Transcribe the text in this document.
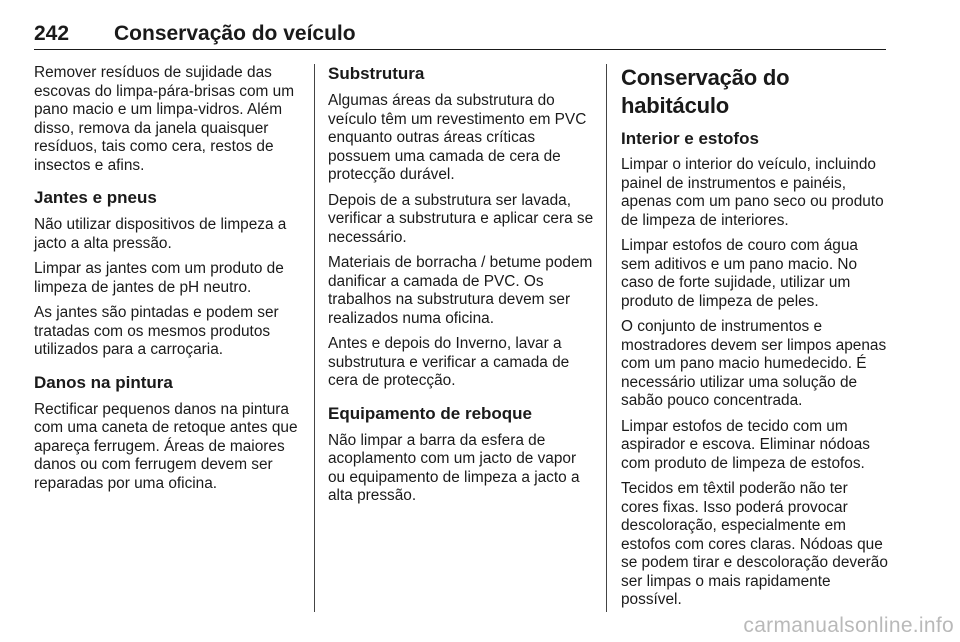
242 Conservação do veículo

Remover resíduos de sujidade das escovas do limpa-pára-brisas com um pano macio e um limpa-vidros. Além disso, remova da janela quaisquer resíduos, tais como cera, restos de insectos e afins.

Jantes e pneus

Não utilizar dispositivos de limpeza a jacto a alta pressão.

Limpar as jantes com um produto de limpeza de jantes de pH neutro.

As jantes são pintadas e podem ser tratadas com os mesmos produtos utilizados para a carroçaria.

Danos na pintura

Rectificar pequenos danos na pintura com uma caneta de retoque antes que apareça ferrugem. Áreas de maiores danos ou com ferrugem devem ser reparadas por uma oficina.

Substrutura

Algumas áreas da substrutura do veículo têm um revestimento em PVC enquanto outras áreas críticas possuem uma camada de cera de protecção durável.

Depois de a substrutura ser lavada, verificar a substrutura e aplicar cera se necessário.

Materiais de borracha / betume podem danificar a camada de PVC. Os trabalhos na substrutura devem ser realizados numa oficina.

Antes e depois do Inverno, lavar a substrutura e verificar a camada de cera de protecção.

Equipamento de reboque

Não limpar a barra da esfera de acoplamento com um jacto de vapor ou equipamento de limpeza a jacto a alta pressão.

Conservação do habitáculo
Interior e estofos

Limpar o interior do veículo, incluindo painel de instrumentos e painéis, apenas com um pano seco ou produto de limpeza de interiores.

Limpar estofos de couro com água sem aditivos e um pano macio. No caso de forte sujidade, utilizar um produto de limpeza de peles.

O conjunto de instrumentos e mostradores devem ser limpos apenas com um pano macio humedecido. É necessário utilizar uma solução de sabão pouco concentrada.

Limpar estofos de tecido com um aspirador e escova. Eliminar nódoas com produto de limpeza de estofos.

Tecidos em têxtil poderão não ter cores fixas. Isso poderá provocar descoloração, especialmente em estofos com cores claras. Nódoas que se podem tirar e descoloração deverão ser limpas o mais rapidamente possível.

carmanualsonline.info
